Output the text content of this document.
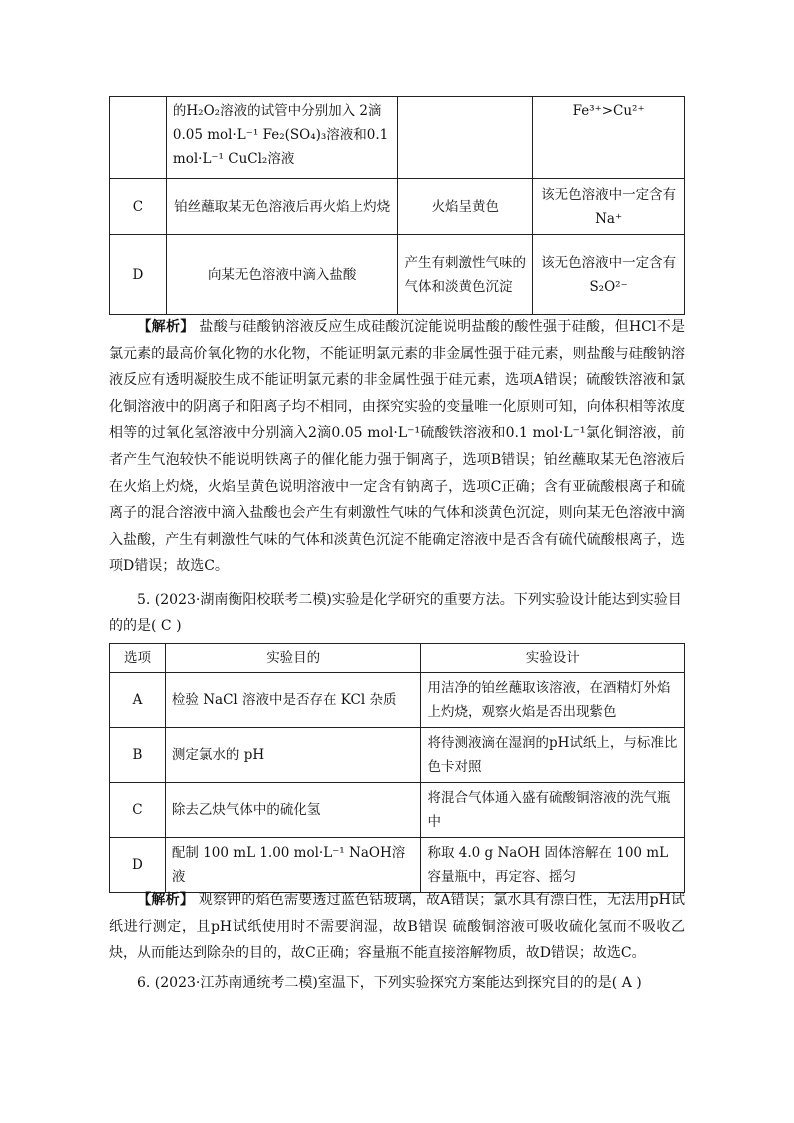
	的H₂O₂溶液的试管中分别加入 2滴 0.05 mol·L⁻¹ Fe₂(SO₄)₃溶液和0.1 mol·L⁻¹ CuCl₂溶液		Fe³⁺>Cu²⁺
C	铂丝蘸取某无色溶液后再火焰上灼烧	火焰呈黄色	该无色溶液中一定含有Na⁺
D	向某无色溶液中滴入盐酸	产生有刺激性气味的气体和淡黄色沉淀	该无色溶液中一定含有 S₂O²⁻
【解析】 盐酸与硅酸钠溶液反应生成硅酸沉淀能说明盐酸的酸性强于硅酸，但HCl不是氯元素的最高价氧化物的水化物，不能证明氯元素的非金属性强于硅元素，则盐酸与硅酸钠溶液反应有透明凝胶生成不能证明氯元素的非金属性强于硅元素，选项A错误；硫酸铁溶液和氯化铜溶液中的阴离子和阳离子均不相同，由探究实验的变量唯一化原则可知，向体积相等浓度相等的过氧化氢溶液中分别滴入2滴0.05 mol·L⁻¹硫酸铁溶液和0.1 mol·L⁻¹氯化铜溶液，前者产生气泡较快不能说明铁离子的催化能力强于铜离子，选项B错误；铂丝蘸取某无色溶液后在火焰上灼烧，火焰呈黄色说明溶液中一定含有钠离子，选项C正确；含有亚硫酸根离子和硫离子的混合溶液中滴入盐酸也会产生有刺激性气味的气体和淡黄色沉淀，则向某无色溶液中滴入盐酸，产生有刺激性气味的气体和淡黄色沉淀不能确定溶液中是否含有硫代硫酸根离子，选项D错误；故选C。
5. (2023·湖南衡阳校联考二模)实验是化学研究的重要方法。下列实验设计能达到实验目的的是( C )
选项	实验目的	实验设计
A	检验 NaCl 溶液中是否存在 KCl 杂质	用洁净的铂丝蘸取该溶液，在酒精灯外焰上灼烧，观察火焰是否出现紫色
B	测定氯水的 pH	将待测液滴在湿润的pH试纸上，与标准比色卡对照
C	除去乙炔气体中的硫化氢	将混合气体通入盛有硫酸铜溶液的洗气瓶中
D	配制 100 mL 1.00 mol·L⁻¹ NaOH溶液	称取 4.0 g NaOH 固体溶解在 100 mL 容量瓶中，再定容、摇匀
【解析】 观察钾的焰色需要透过蓝色钴玻璃，故A错误；氯水具有漂白性，无法用pH试纸进行测定，且pH试纸使用时不需要润湿，故B错误 硫酸铜溶液可吸收硫化氢而不吸收乙炔，从而能达到除杂的目的，故C正确；容量瓶不能直接溶解物质，故D错误；故选C。
6. (2023·江苏南通统考二模)室温下，下列实验探究方案能达到探究目的的是( A )
